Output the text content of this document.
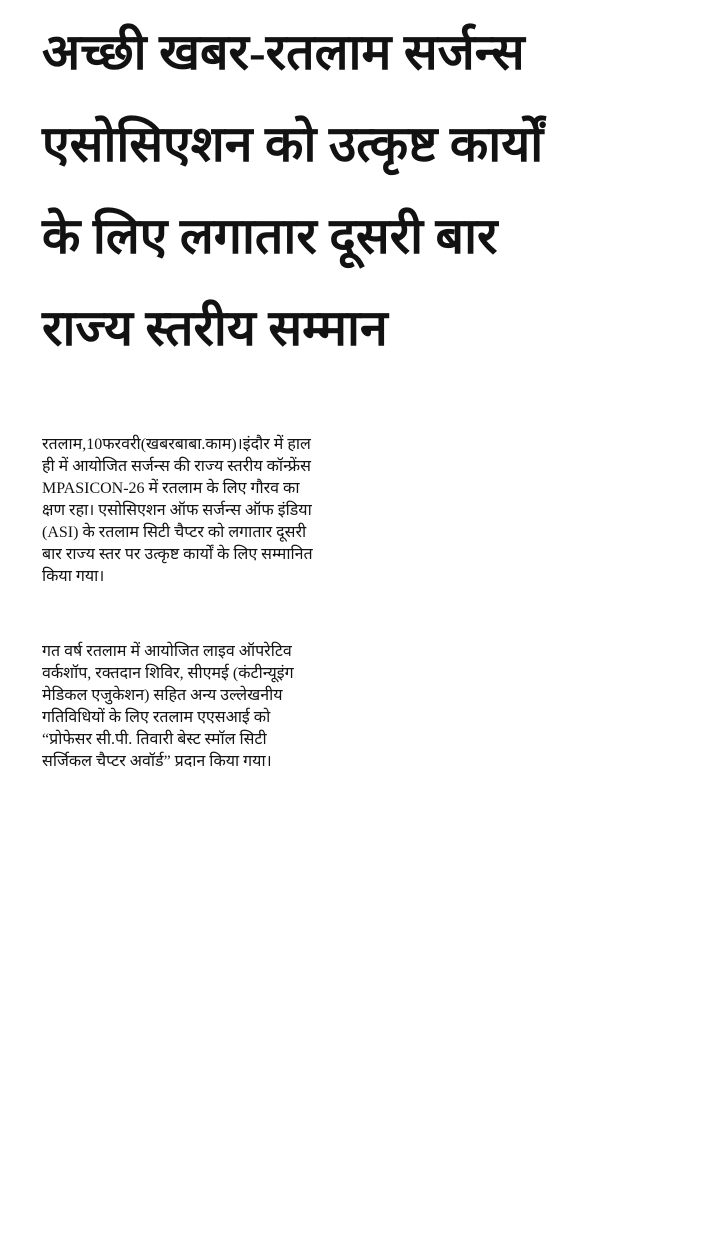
अच्छी खबर-रतलाम सर्जन्स
एसोसिएशन को उत्कृष्ट कार्यों
के लिए लगातार दूसरी बार
राज्य स्तरीय सम्मान

रतलाम,10फरवरी(खबरबाबा.काम)।इंदौर में हाल
ही में आयोजित सर्जन्स की राज्य स्तरीय कॉन्फ्रेंस
MPASICON-26 में रतलाम के लिए गौरव का
क्षण रहा। एसोसिएशन ऑफ सर्जन्स ऑफ इंडिया
(ASI) के रतलाम सिटी चैप्टर को लगातार दूसरी
बार राज्य स्तर पर उत्कृष्ट कार्यों के लिए सम्मानित
किया गया।

गत वर्ष रतलाम में आयोजित लाइव ऑपरेटिव
वर्कशॉप, रक्तदान शिविर, सीएमई (कंटीन्यूइंग
मेडिकल एजुकेशन) सहित अन्य उल्लेखनीय
गतिविधियों के लिए रतलाम एएसआई को
“प्रोफेसर सी.पी. तिवारी बेस्ट स्मॉल सिटी
सर्जिकल चैप्टर अवॉर्ड” प्रदान किया गया।
